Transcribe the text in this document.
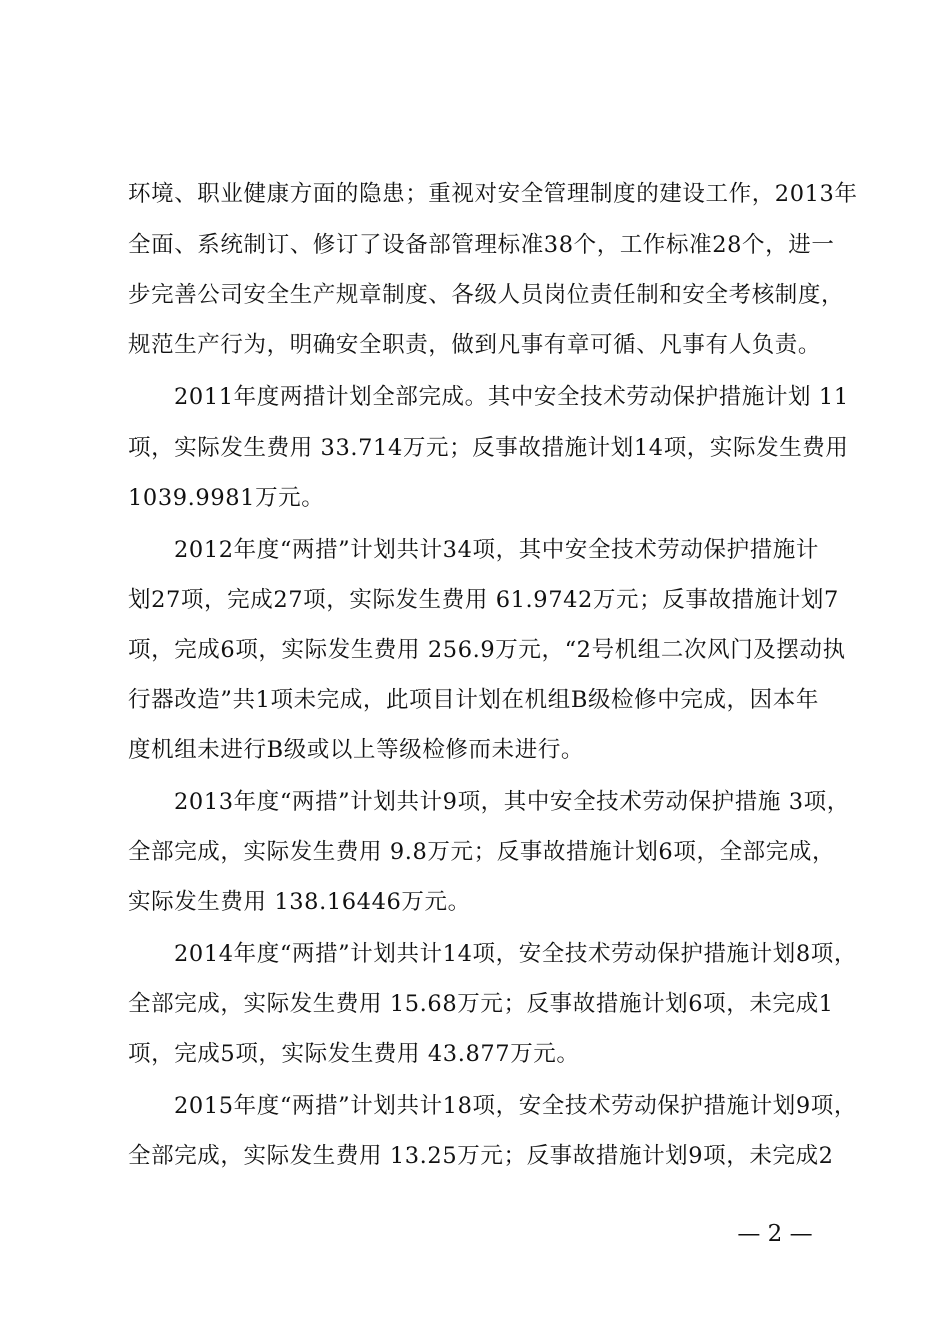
环境、职业健康方面的隐患；重视对安全管理制度的建设工作，2013年
全面、系统制订、修订了设备部管理标准38个，工作标准28个，进一
步完善公司安全生产规章制度、各级人员岗位责任制和安全考核制度，
规范生产行为，明确安全职责，做到凡事有章可循、凡事有人负责。
2011年度两措计划全部完成。其中安全技术劳动保护措施计划 11
项，实际发生费用 33.714万元；反事故措施计划14项，实际发生费用
1039.9981万元。
2012年度“两措”计划共计34项，其中安全技术劳动保护措施计
划27项，完成27项，实际发生费用 61.9742万元；反事故措施计划7
项，完成6项，实际发生费用 256.9万元，“2号机组二次风门及摆动执
行器改造”共1项未完成，此项目计划在机组B级检修中完成，因本年
度机组未进行B级或以上等级检修而未进行。
2013年度“两措”计划共计9项，其中安全技术劳动保护措施 3项，
全部完成，实际发生费用 9.8万元；反事故措施计划6项，全部完成，
实际发生费用 138.16446万元。
2014年度“两措”计划共计14项，安全技术劳动保护措施计划8项，
全部完成，实际发生费用 15.68万元；反事故措施计划6项，未完成1
项，完成5项，实际发生费用 43.877万元。
2015年度“两措”计划共计18项，安全技术劳动保护措施计划9项，
全部完成，实际发生费用 13.25万元；反事故措施计划9项，未完成2
— 2 —
